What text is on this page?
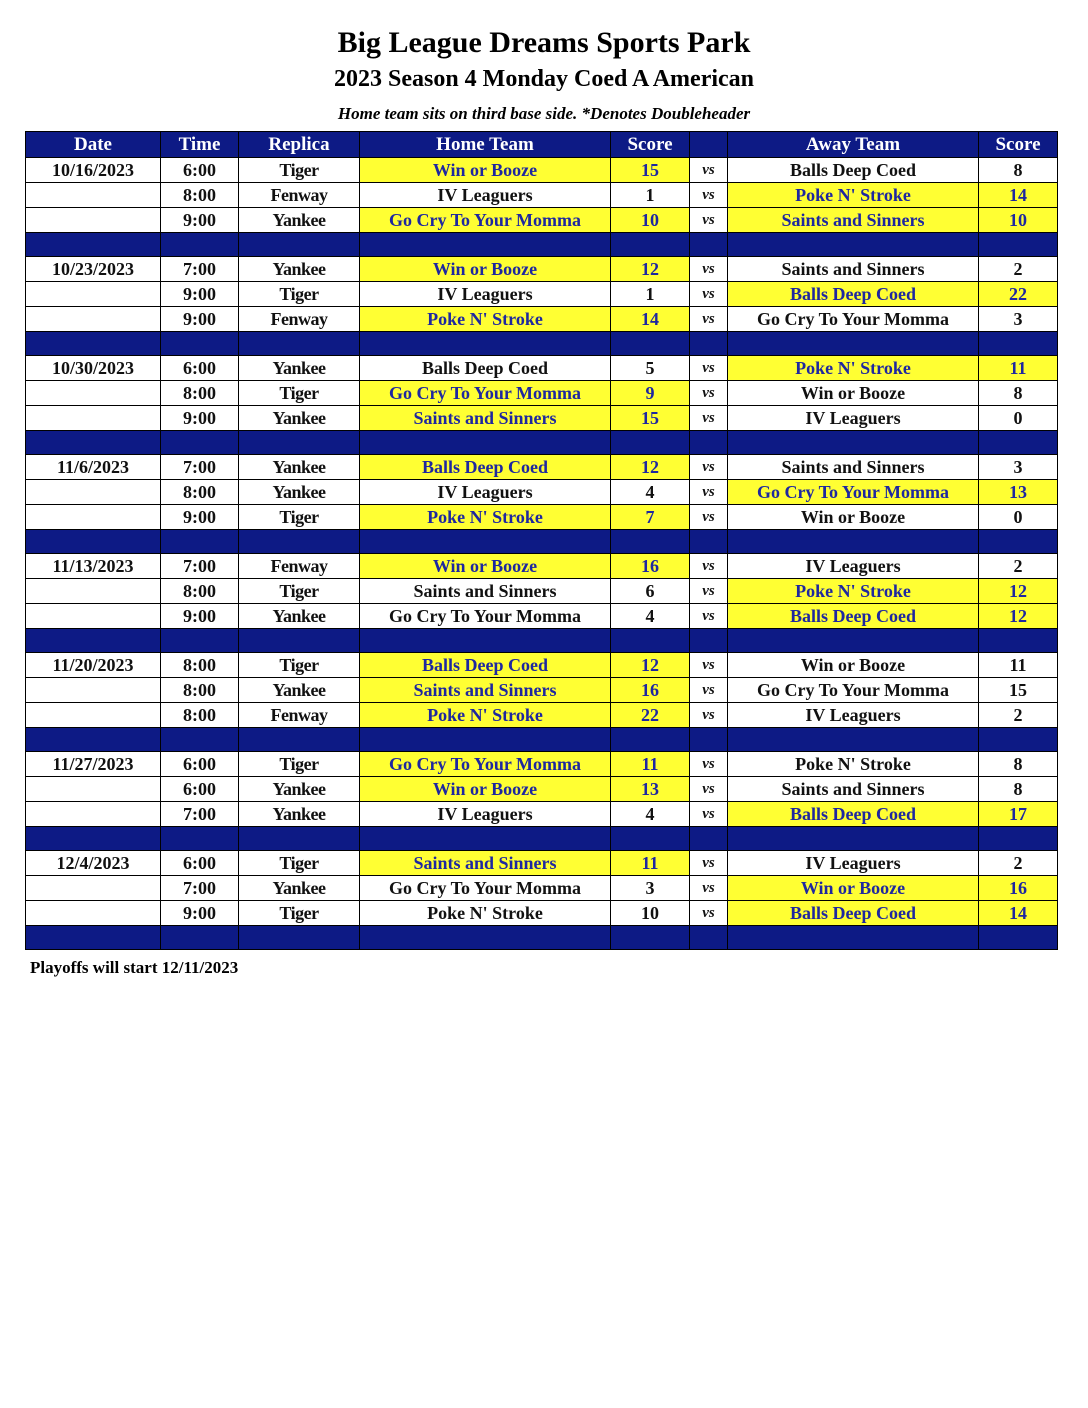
Big League Dreams Sports Park
2023 Season 4 Monday Coed A American
Home team sits on third base side. *Denotes Doubleheader
Date	Time	Replica	Home Team	Score		Away Team	Score
10/16/2023	6:00	Tiger	Win or Booze	15	vs	Balls Deep Coed	8
	8:00	Fenway	IV Leaguers	1	vs	Poke N' Stroke	14
	9:00	Yankee	Go Cry To Your Momma	10	vs	Saints and Sinners	10

10/23/2023	7:00	Yankee	Win or Booze	12	vs	Saints and Sinners	2
	9:00	Tiger	IV Leaguers	1	vs	Balls Deep Coed	22
	9:00	Fenway	Poke N' Stroke	14	vs	Go Cry To Your Momma	3

10/30/2023	6:00	Yankee	Balls Deep Coed	5	vs	Poke N' Stroke	11
	8:00	Tiger	Go Cry To Your Momma	9	vs	Win or Booze	8
	9:00	Yankee	Saints and Sinners	15	vs	IV Leaguers	0

11/6/2023	7:00	Yankee	Balls Deep Coed	12	vs	Saints and Sinners	3
	8:00	Yankee	IV Leaguers	4	vs	Go Cry To Your Momma	13
	9:00	Tiger	Poke N' Stroke	7	vs	Win or Booze	0

11/13/2023	7:00	Fenway	Win or Booze	16	vs	IV Leaguers	2
	8:00	Tiger	Saints and Sinners	6	vs	Poke N' Stroke	12
	9:00	Yankee	Go Cry To Your Momma	4	vs	Balls Deep Coed	12

11/20/2023	8:00	Tiger	Balls Deep Coed	12	vs	Win or Booze	11
	8:00	Yankee	Saints and Sinners	16	vs	Go Cry To Your Momma	15
	8:00	Fenway	Poke N' Stroke	22	vs	IV Leaguers	2

11/27/2023	6:00	Tiger	Go Cry To Your Momma	11	vs	Poke N' Stroke	8
	6:00	Yankee	Win or Booze	13	vs	Saints and Sinners	8
	7:00	Yankee	IV Leaguers	4	vs	Balls Deep Coed	17

12/4/2023	6:00	Tiger	Saints and Sinners	11	vs	IV Leaguers	2
	7:00	Yankee	Go Cry To Your Momma	3	vs	Win or Booze	16
	9:00	Tiger	Poke N' Stroke	10	vs	Balls Deep Coed	14

Playoffs will start 12/11/2023
